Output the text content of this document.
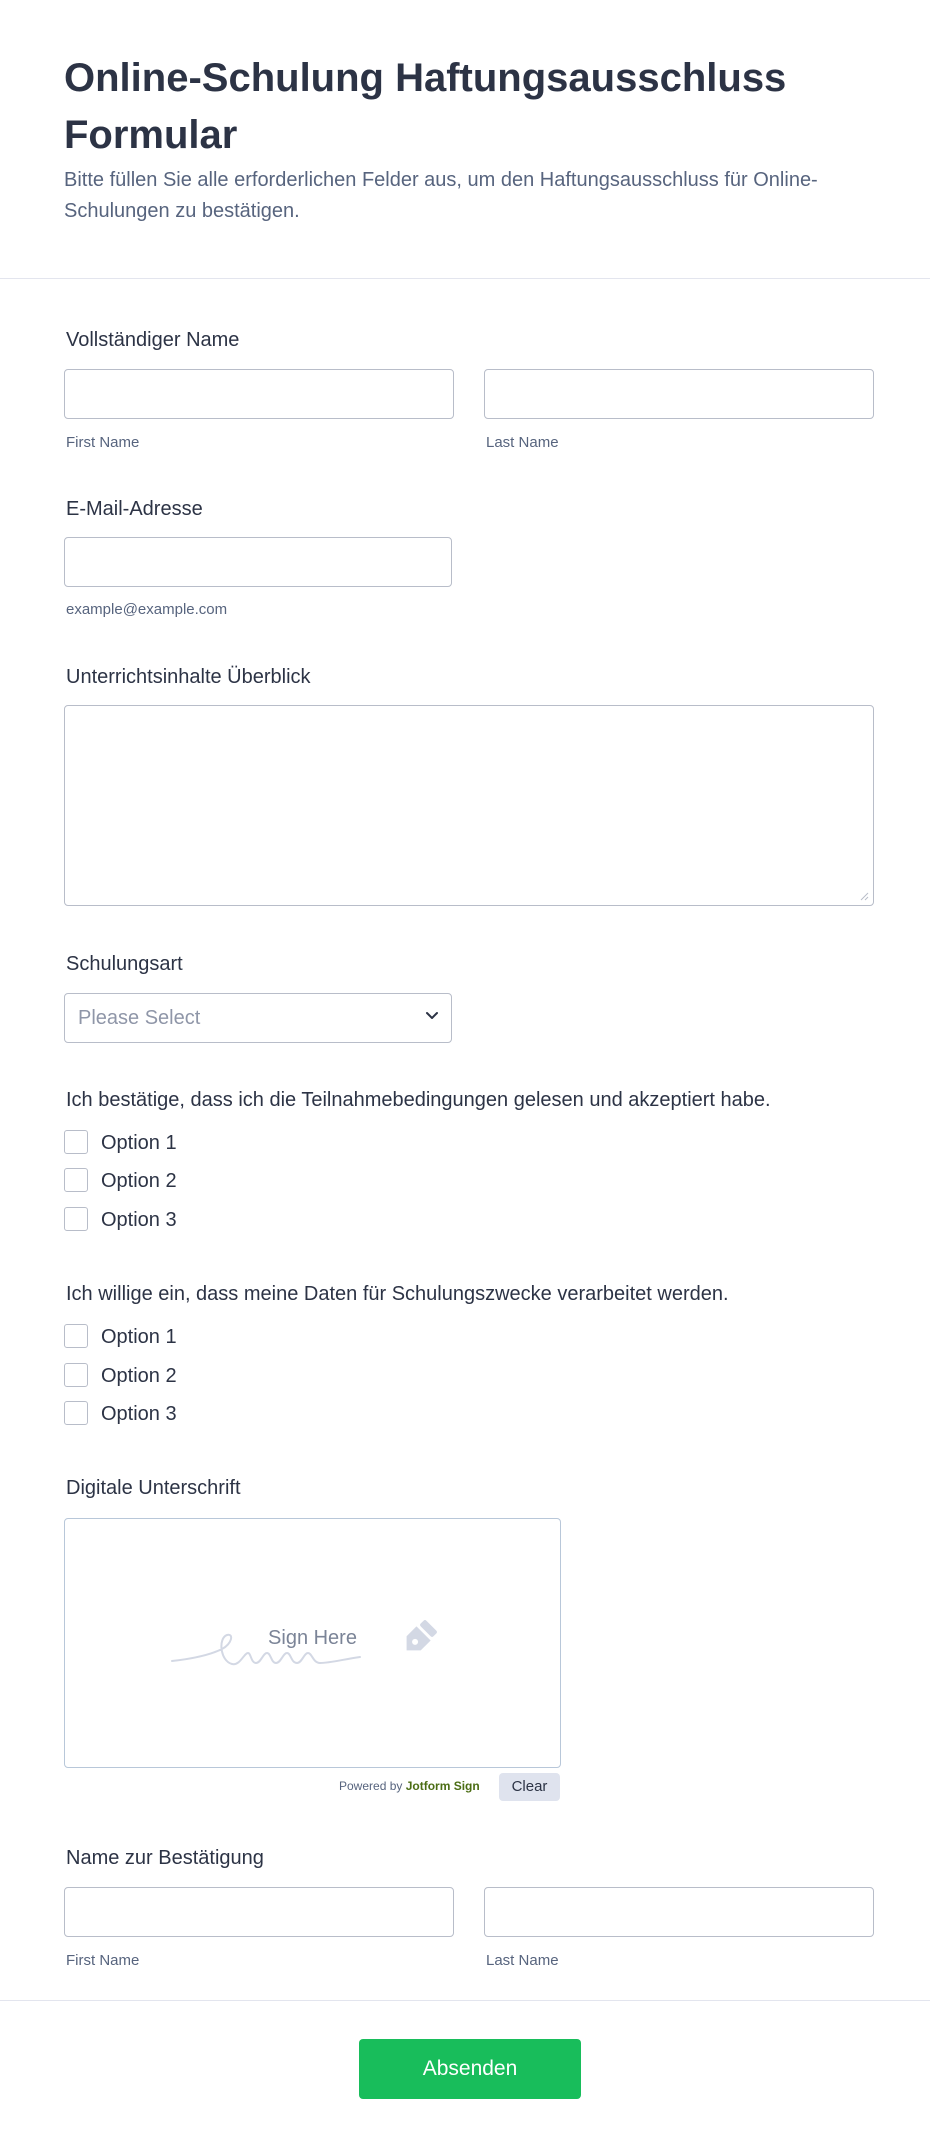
Online-Schulung Haftungsausschluss Formular
Bitte füllen Sie alle erforderlichen Felder aus, um den Haftungsausschluss für Online-Schulungen zu bestätigen.
Vollständiger Name
First Name	Last Name
E-Mail-Adresse
example@example.com
Unterrichtsinhalte Überblick
Schulungsart
Please Select
Ich bestätige, dass ich die Teilnahmebedingungen gelesen und akzeptiert habe.
Option 1
Option 2
Option 3
Ich willige ein, dass meine Daten für Schulungszwecke verarbeitet werden.
Option 1
Option 2
Option 3
Digitale Unterschrift
Sign Here
Powered by Jotform Sign	Clear
Name zur Bestätigung
First Name	Last Name
Absenden
